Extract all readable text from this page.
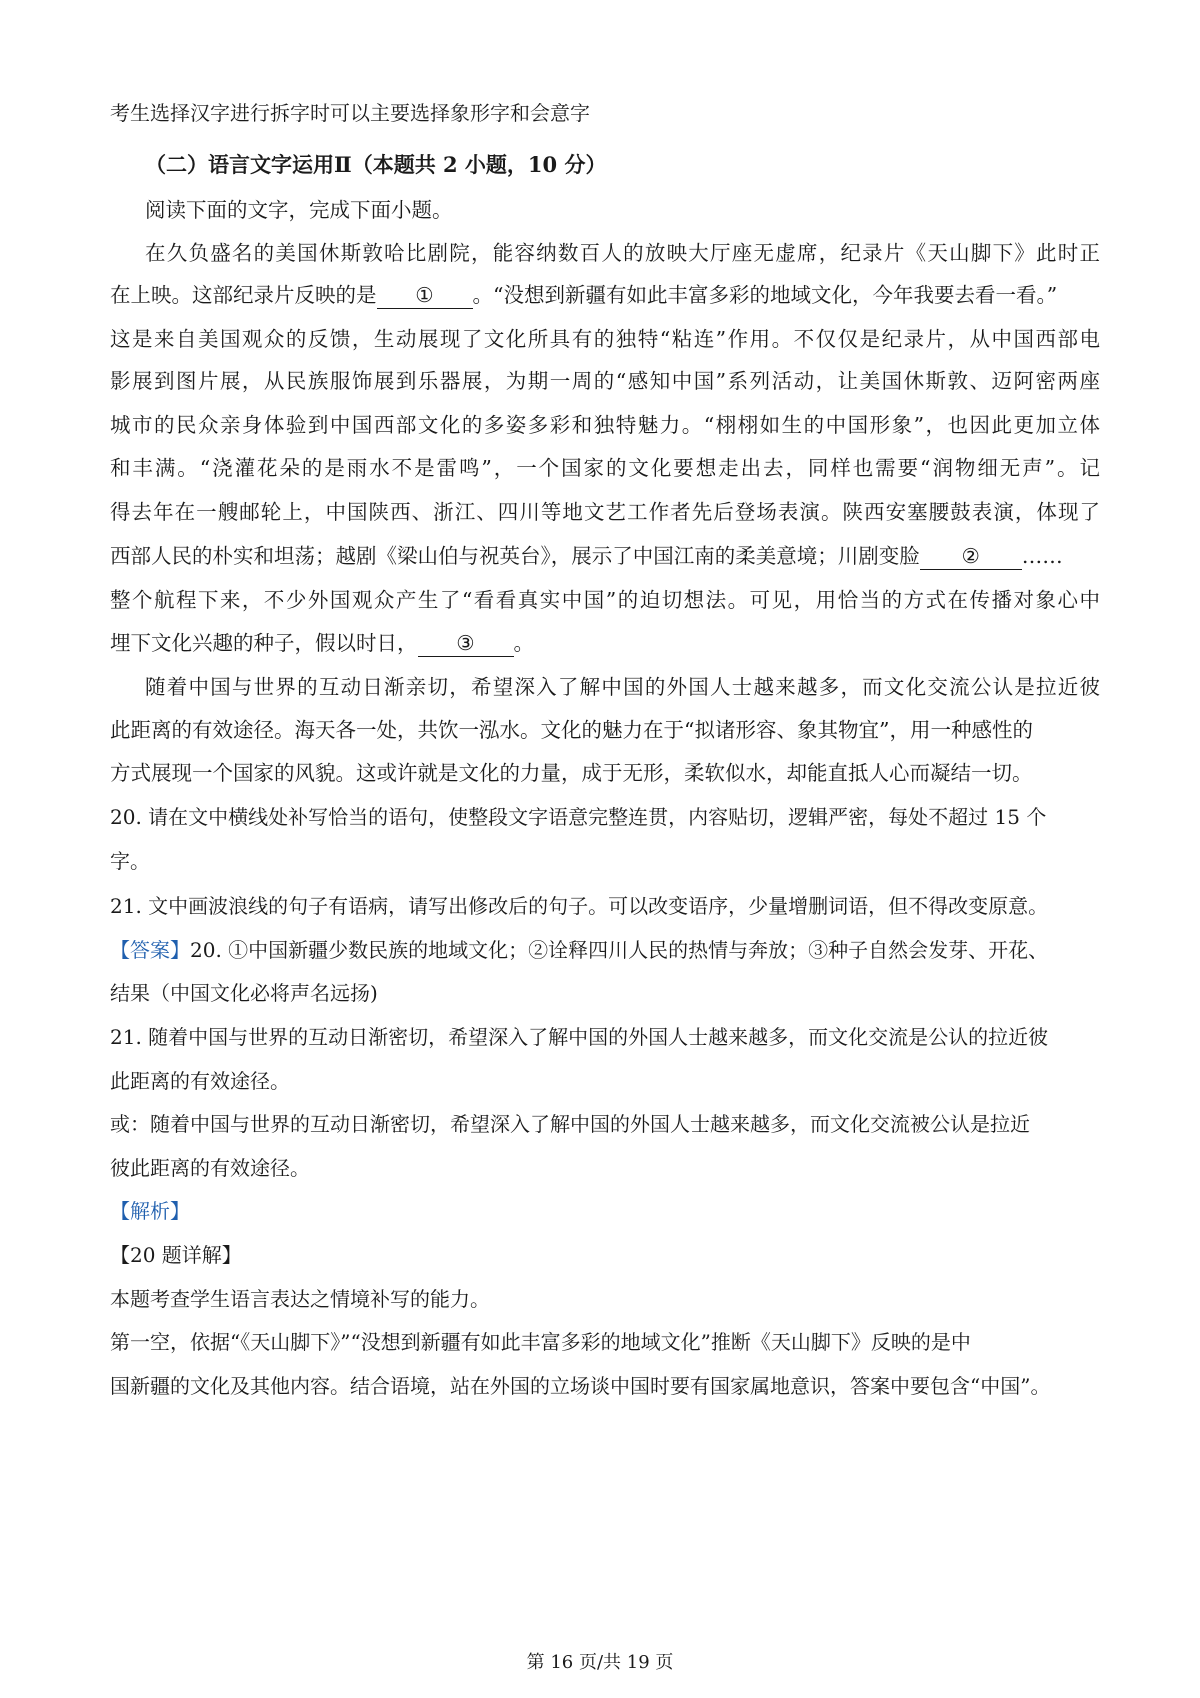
考生选择汉字进行拆字时可以主要选择象形字和会意字
（二）语言文字运用Ⅱ（本题共 2 小题，10 分）
阅读下面的文字，完成下面小题。
在久负盛名的美国休斯敦哈比剧院，能容纳数百人的放映大厅座无虚席，纪录片《天山脚下》此时正
在上映。这部纪录片反映的是 ① 。“没想到新疆有如此丰富多彩的地域文化，今年我要去看一看。”
这是来自美国观众的反馈，生动展现了文化所具有的独特“粘连”作用。不仅仅是纪录片，从中国西部电
影展到图片展，从民族服饰展到乐器展，为期一周的“感知中国”系列活动，让美国休斯敦、迈阿密两座
城市的民众亲身体验到中国西部文化的多姿多彩和独特魅力。“栩栩如生的中国形象”，也因此更加立体
和丰满。“浇灌花朵的是雨水不是雷鸣”，一个国家的文化要想走出去，同样也需要“润物细无声”。记
得去年在一艘邮轮上，中国陕西、浙江、四川等地文艺工作者先后登场表演。陕西安塞腰鼓表演，体现了
西部人民的朴实和坦荡；越剧《梁山伯与祝英台》，展示了中国江南的柔美意境；川剧变脸 ② ……
整个航程下来，不少外国观众产生了“看看真实中国”的迫切想法。可见，用恰当的方式在传播对象心中
埋下文化兴趣的种子，假以时日， ③ 。
随着中国与世界的互动日渐亲切，希望深入了解中国的外国人士越来越多，而文化交流公认是拉近彼
此距离的有效途径。海天各一处，共饮一泓水。文化的魅力在于“拟诸形容、象其物宜”，用一种感性的
方式展现一个国家的风貌。这或许就是文化的力量，成于无形，柔软似水，却能直抵人心而凝结一切。
20. 请在文中横线处补写恰当的语句，使整段文字语意完整连贯，内容贴切，逻辑严密，每处不超过 15 个
字。
21. 文中画波浪线的句子有语病，请写出修改后的句子。可以改变语序，少量增删词语，但不得改变原意。
【答案】20. ①中国新疆少数民族的地域文化；②诠释四川人民的热情与奔放；③种子自然会发芽、开花、
结果（中国文化必将声名远扬)
21. 随着中国与世界的互动日渐密切，希望深入了解中国的外国人士越来越多，而文化交流是公认的拉近彼
此距离的有效途径。
或：随着中国与世界的互动日渐密切，希望深入了解中国的外国人士越来越多，而文化交流被公认是拉近
彼此距离的有效途径。
【解析】
【20 题详解】
本题考查学生语言表达之情境补写的能力。
第一空，依据“《天山脚下》”“没想到新疆有如此丰富多彩的地域文化”推断《天山脚下》反映的是中
国新疆的文化及其他内容。结合语境，站在外国的立场谈中国时要有国家属地意识，答案中要包含“中国”。
第 16 页/共 19 页
